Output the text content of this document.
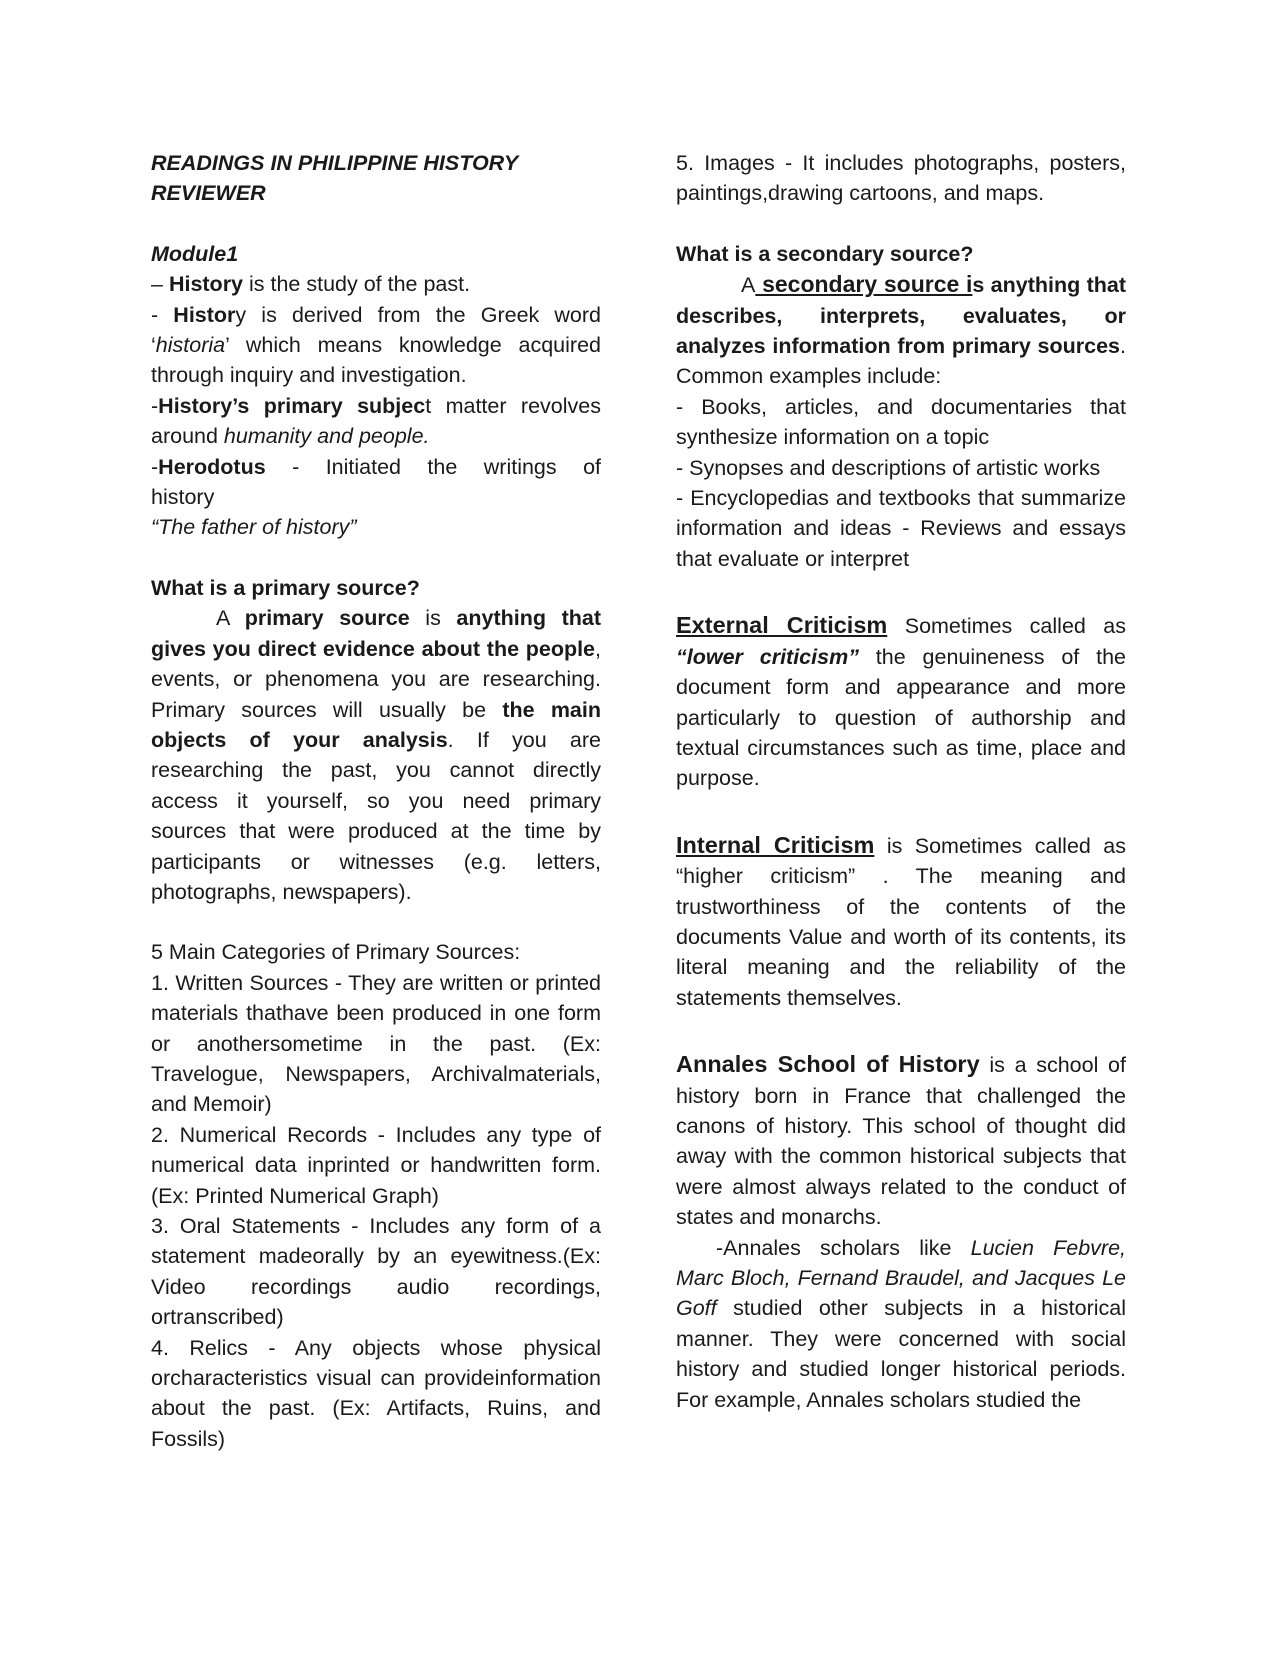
READINGS IN PHILIPPINE HISTORY
REVIEWER

Module1

– History is the study of the past.

- History is derived from the Greek word ‘historia’ which means knowledge acquired through inquiry and investigation.

-History’s primary subject matter revolves around humanity and people.

-Herodotus - Initiated the writings of history

“The father of history”

What is a primary source?

A primary source is anything that gives you direct evidence about the people, events, or phenomena you are researching. Primary sources will usually be the main objects of your analysis. If you are researching the past, you cannot directly access it yourself, so you need primary sources that were produced at the time by participants or witnesses (e.g. letters, photographs, newspapers).

5 Main Categories of Primary Sources:

1. Written Sources - They are written or printed materials thathave been produced in one form or anothersometime in the past. (Ex: Travelogue, Newspapers, Archivalmaterials, and Memoir)

2. Numerical Records - Includes any type of numerical data inprinted or handwritten form. (Ex: Printed Numerical Graph)

3. Oral Statements - Includes any form of a statement madeorally by an eyewitness.(Ex: Video recordings audio recordings, ortranscribed)

4. Relics - Any objects whose physical orcharacteristics visual can provideinformation about the past. (Ex: Artifacts, Ruins, and Fossils)

5. Images - It includes photographs, posters, paintings,drawing cartoons, and maps.

What is a secondary source?

A secondary source is anything that describes, interprets, evaluates, or analyzes information from primary sources. Common examples include:

- Books, articles, and documentaries that synthesize information on a topic

- Synopses and descriptions of artistic works

- Encyclopedias and textbooks that summarize information and ideas - Reviews and essays that evaluate or interpret

External Criticism Sometimes called as “lower criticism” the genuineness of the document form and appearance and more particularly to question of authorship and textual circumstances such as time, place and purpose.

Internal Criticism is Sometimes called as “higher criticism” . The meaning and trustworthiness of the contents of the documents Value and worth of its contents, its literal meaning and the reliability of the statements themselves.

Annales School of History is a school of history born in France that challenged the canons of history. This school of thought did away with the common historical subjects that were almost always related to the conduct of states and monarchs.

-Annales scholars like Lucien Febvre, Marc Bloch, Fernand Braudel, and Jacques Le Goff studied other subjects in a historical manner. They were concerned with social history and studied longer historical periods. For example, Annales scholars studied the
